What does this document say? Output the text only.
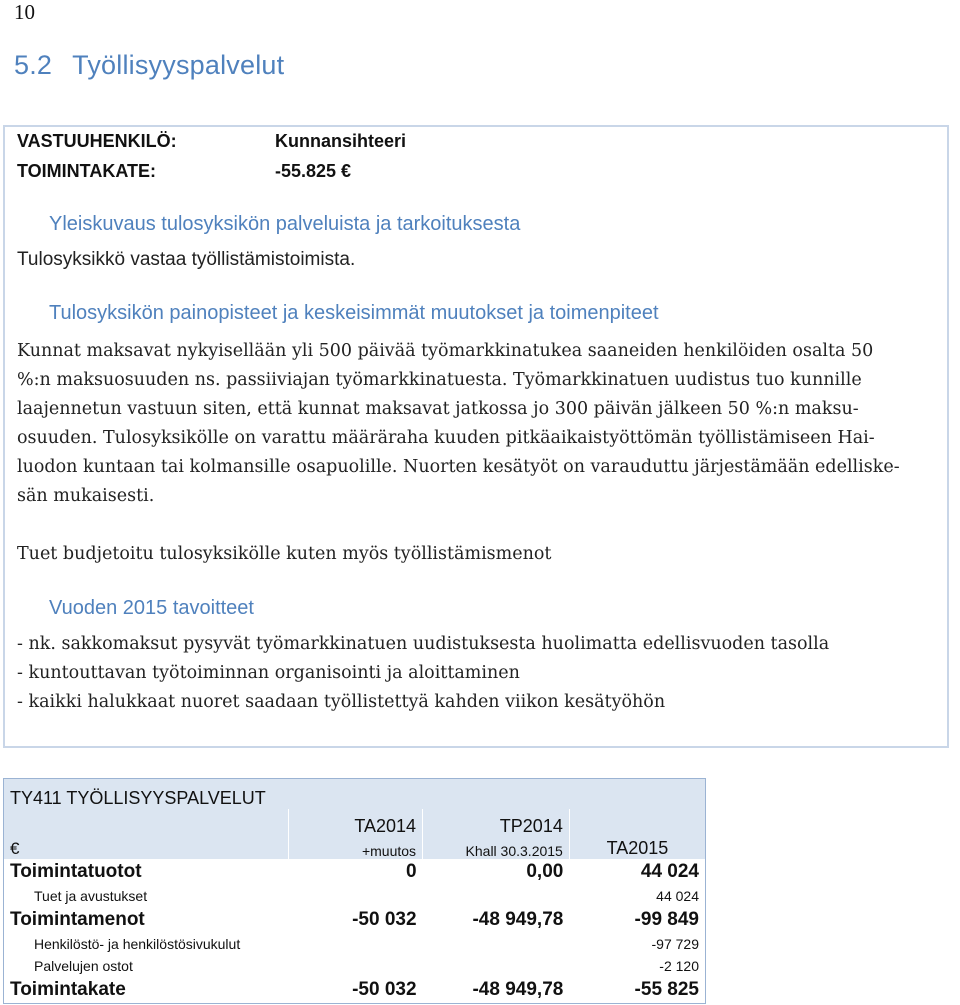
10
5.2 Työllisyyspalvelut
VASTUUHENKILÖ:	Kunnansihteeri
TOIMINTAKATE:	-55.825 €
Yleiskuvaus tulosyksikön palveluista ja tarkoituksesta
Tulosyksikkö vastaa työllistämistoimista.
Tulosyksikön painopisteet ja keskeisimmät muutokset ja toimenpiteet
Kunnat maksavat nykyisellään yli 500 päivää työmarkkinatukea saaneiden henkilöiden osalta 50
%:n maksuosuuden ns. passiiviajan työmarkkinatuesta. Työmarkkinatuen uudistus tuo kunnille
laajennetun vastuun siten, että kunnat maksavat jatkossa jo 300 päivän jälkeen 50 %:n maksu-
osuuden. Tulosyksikölle on varattu määräraha kuuden pitkäaikaistyöttömän työllistämiseen Hai-
luodon kuntaan tai kolmansille osapuolille. Nuorten kesätyöt on varauduttu järjestämään edelliske-
sän mukaisesti.
Tuet budjetoitu tulosyksikölle kuten myös työllistämismenot
Vuoden 2015 tavoitteet
- nk. sakkomaksut pysyvät työmarkkinatuen uudistuksesta huolimatta edellisvuoden tasolla
- kuntouttavan työtoiminnan organisointi ja aloittaminen
- kaikki halukkaat nuoret saadaan työllistettyä kahden viikon kesätyöhön
TY411 TYÖLLISYYSPALVELUT			
	TA2014	TP2014	
€	+muutos	Khall 30.3.2015	TA2015
Toimintatuotot	0	0,00	44 024
Tuet ja avustukset			44 024
Toimintamenot	-50 032	-48 949,78	-99 849
Henkilöstö- ja henkilöstösivukulut			-97 729
Palvelujen ostot			-2 120
Toimintakate	-50 032	-48 949,78	-55 825
